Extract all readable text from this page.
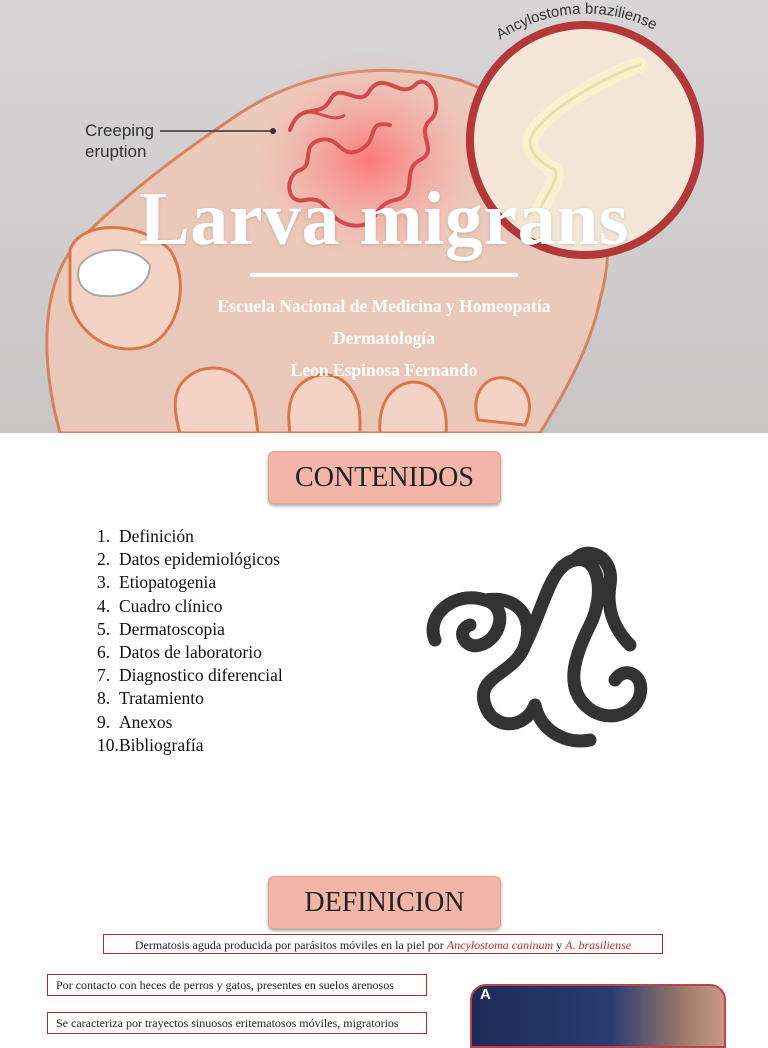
Ancylostoma braziliense
Creeping
eruption
Larva migrans
Escuela Nacional de Medicina y Homeopatía
Dermatología
Leon Espinosa Fernando
CONTENIDOS
1. Definición
2. Datos epidemiológicos
3. Etiopatogenia
4. Cuadro clínico
5. Dermatoscopia
6. Datos de laboratorio
7. Diagnostico diferencial
8. Tratamiento
9. Anexos
10.Bibliografía
DEFINICION
Dermatosis aguda producida por parásitos móviles en la piel por Ancylostoma caninum y A. brasiliense
Por contacto con heces de perros y gatos, presentes en suelos arenosos
Se caracteriza por trayectos sinuosos eritematosos móviles, migratorios
A
